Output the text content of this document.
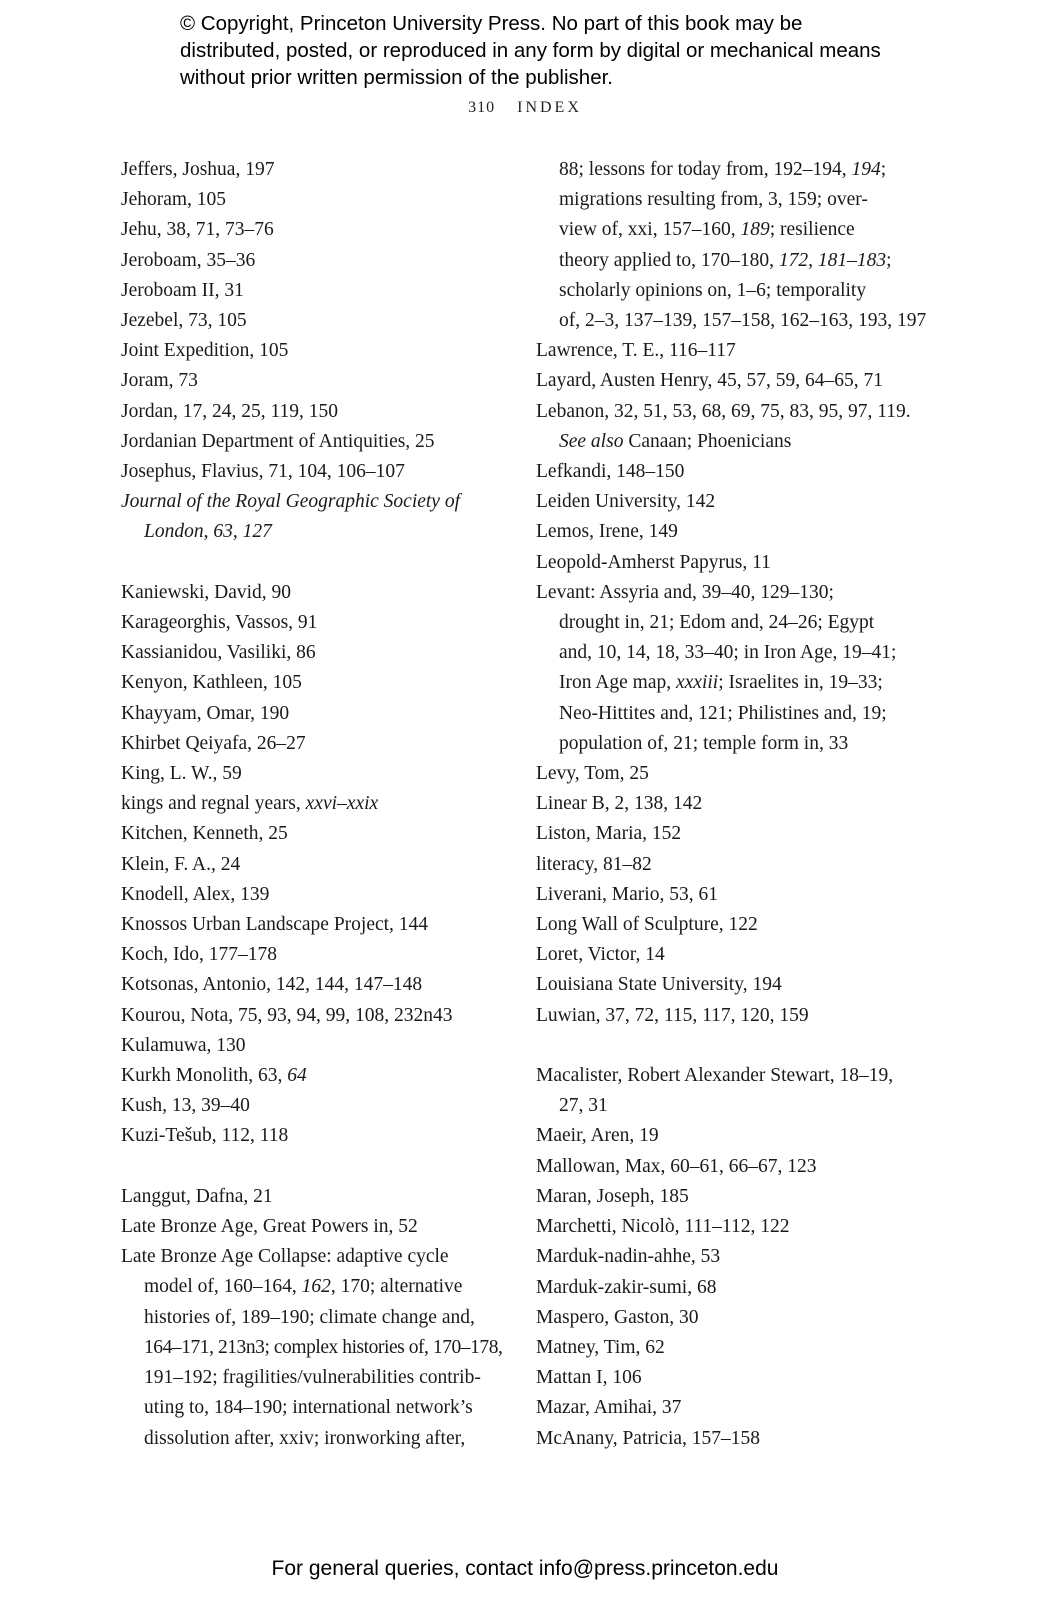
© Copyright, Princeton University Press. No part of this book may be distributed, posted, or reproduced in any form by digital or mechanical means without prior written permission of the publisher.
310 INDEX
Jeffers, Joshua, 197
Jehoram, 105
Jehu, 38, 71, 73–76
Jeroboam, 35–36
Jeroboam II, 31
Jezebel, 73, 105
Joint Expedition, 105
Joram, 73
Jordan, 17, 24, 25, 119, 150
Jordanian Department of Antiquities, 25
Josephus, Flavius, 71, 104, 106–107
Journal of the Royal Geographic Society of
London, 63, 127
Kaniewski, David, 90
Karageorghis, Vassos, 91
Kassianidou, Vasiliki, 86
Kenyon, Kathleen, 105
Khayyam, Omar, 190
Khirbet Qeiyafa, 26–27
King, L. W., 59
kings and regnal years, xxvi–xxix
Kitchen, Kenneth, 25
Klein, F. A., 24
Knodell, Alex, 139
Knossos Urban Landscape Project, 144
Koch, Ido, 177–178
Kotsonas, Antonio, 142, 144, 147–148
Kourou, Nota, 75, 93, 94, 99, 108, 232n43
Kulamuwa, 130
Kurkh Monolith, 63, 64
Kush, 13, 39–40
Kuzi-Tešub, 112, 118
Langgut, Dafna, 21
Late Bronze Age, Great Powers in, 52
Late Bronze Age Collapse: adaptive cycle
model of, 160–164, 162, 170; alternative
histories of, 189–190; climate change and,
164–171, 213n3; complex histories of, 170–178,
191–192; fragilities/vulnerabilities contrib-
uting to, 184–190; international network’s
dissolution after, xxiv; ironworking after,
88; lessons for today from, 192–194, 194;
migrations resulting from, 3, 159; over-
view of, xxi, 157–160, 189; resilience
theory applied to, 170–180, 172, 181–183;
scholarly opinions on, 1–6; temporality
of, 2–3, 137–139, 157–158, 162–163, 193, 197
Lawrence, T. E., 116–117
Layard, Austen Henry, 45, 57, 59, 64–65, 71
Lebanon, 32, 51, 53, 68, 69, 75, 83, 95, 97, 119.
See also Canaan; Phoenicians
Lefkandi, 148–150
Leiden University, 142
Lemos, Irene, 149
Leopold-Amherst Papyrus, 11
Levant: Assyria and, 39–40, 129–130;
drought in, 21; Edom and, 24–26; Egypt
and, 10, 14, 18, 33–40; in Iron Age, 19–41;
Iron Age map, xxxiii; Israelites in, 19–33;
Neo-Hittites and, 121; Philistines and, 19;
population of, 21; temple form in, 33
Levy, Tom, 25
Linear B, 2, 138, 142
Liston, Maria, 152
literacy, 81–82
Liverani, Mario, 53, 61
Long Wall of Sculpture, 122
Loret, Victor, 14
Louisiana State University, 194
Luwian, 37, 72, 115, 117, 120, 159
Macalister, Robert Alexander Stewart, 18–19,
27, 31
Maeir, Aren, 19
Mallowan, Max, 60–61, 66–67, 123
Maran, Joseph, 185
Marchetti, Nicolò, 111–112, 122
Marduk-nadin-ahhe, 53
Marduk-zakir-sumi, 68
Maspero, Gaston, 30
Matney, Tim, 62
Mattan I, 106
Mazar, Amihai, 37
McAnany, Patricia, 157–158
For general queries, contact info@press.princeton.edu
